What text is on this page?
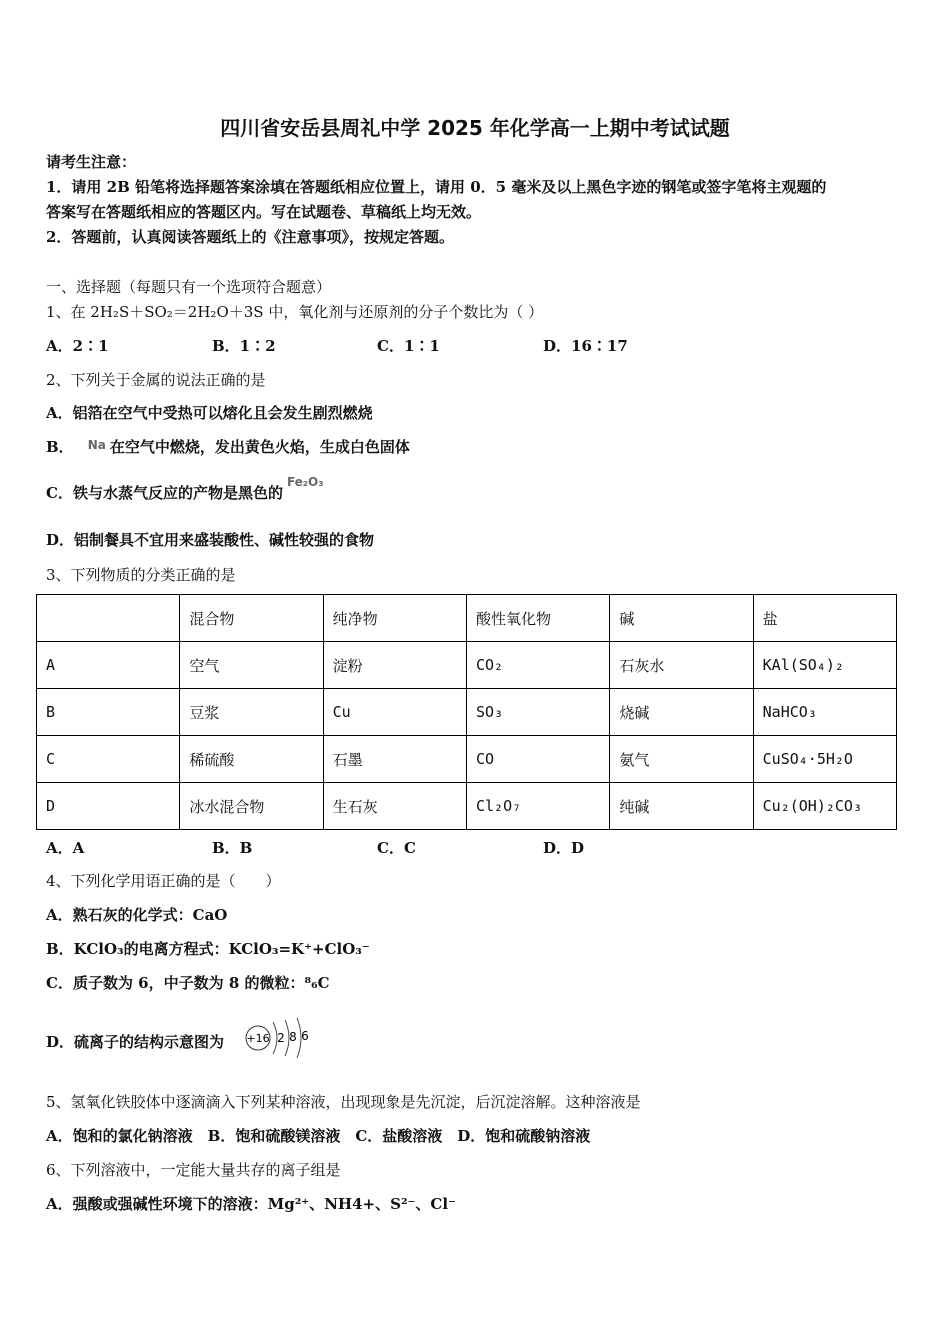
四川省安岳县周礼中学 2025 年化学高一上期中考试试题
请考生注意：
1．请用 2B 铅笔将选择题答案涂填在答题纸相应位置上，请用 0．5 毫米及以上黑色字迹的钢笔或签字笔将主观题的
答案写在答题纸相应的答题区内。写在试题卷、草稿纸上均无效。
2．答题前，认真阅读答题纸上的《注意事项》，按规定答题。
一、选择题（每题只有一个选项符合题意）
1、在 2H₂S＋SO₂＝2H₂O＋3S 中，氧化剂与还原剂的分子个数比为（ ）
A．2∶1	B．1∶2	C．1∶1	D．16∶17
2、下列关于金属的说法正确的是
A．铝箔在空气中受热可以熔化且会发生剧烈燃烧
B． $^{Na}$ 在空气中燃烧，发出黄色火焰，生成白色固体
C．铁与水蒸气反应的产物是黑色的$^{Fe_2O_3}$
D．铝制餐具不宜用来盛装酸性、碱性较强的食物
3、下列物质的分类正确的是
	混合物	纯净物	酸性氧化物	碱	盐
A	空气	淀粉	CO₂	石灰水	KAl(SO₄)₂
B	豆浆	Cu	SO₃	烧碱	NaHCO₃
C	稀硫酸	石墨	CO	氨气	CuSO₄·5H₂O
D	冰水混合物	生石灰	Cl₂O₇	纯碱	Cu₂(OH)₂CO₃
A．A	B．B	C．C	D．D
4、下列化学用语正确的是（　　）
A．熟石灰的化学式：CaO
B．KClO₃的电离方程式：KClO₃=K⁺+ClO₃⁻
C．质子数为 6，中子数为 8 的微粒：⁸₆C
D．硫离子的结构示意图为 +16 2 8 6
5、氢氧化铁胶体中逐滴滴入下列某种溶液，出现现象是先沉淀，后沉淀溶解。这种溶液是
A．饱和的氯化钠溶液　B．饱和硫酸镁溶液　C．盐酸溶液　D．饱和硫酸钠溶液
6、下列溶液中，一定能大量共存的离子组是
A．强酸或强碱性环境下的溶液：Mg²⁺、NH4+、S²⁻、Cl⁻
